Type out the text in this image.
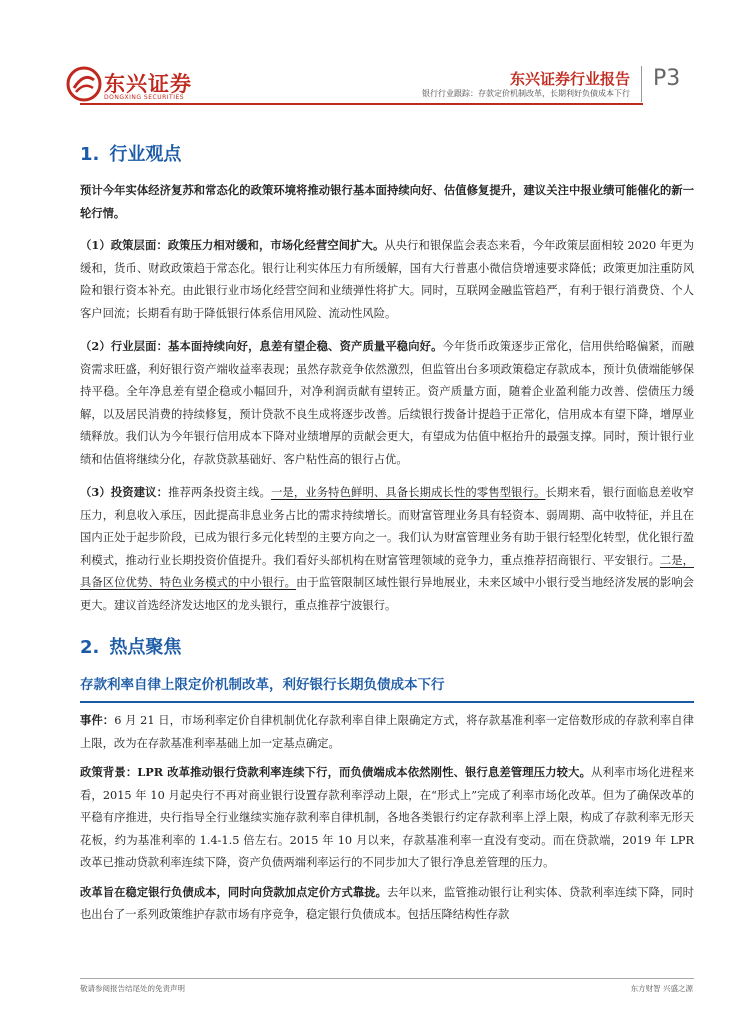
东兴证券
DONGXING SECURITIES
东兴证券行业报告
银行行业跟踪：存款定价机制改革，长期利好负债成本下行
P3
1. 行业观点

预计今年实体经济复苏和常态化的政策环境将推动银行基本面持续向好、估值修复提升，建议关注中报业绩可能催化的新一轮行情。

（1）政策层面：政策压力相对缓和，市场化经营空间扩大。从央行和银保监会表态来看，今年政策层面相较 2020 年更为缓和，货币、财政政策趋于常态化。银行让利实体压力有所缓解，国有大行普惠小微信贷增速要求降低；政策更加注重防风险和银行资本补充。由此银行业市场化经营空间和业绩弹性将扩大。同时，互联网金融监管趋严，有利于银行消费贷、个人客户回流；长期看有助于降低银行体系信用风险、流动性风险。

（2）行业层面：基本面持续向好，息差有望企稳、资产质量平稳向好。今年货币政策逐步正常化，信用供给略偏紧，而融资需求旺盛，利好银行资产端收益率表现；虽然存款竞争依然激烈，但监管出台多项政策稳定存款成本，预计负债端能够保持平稳。全年净息差有望企稳或小幅回升，对净利润贡献有望转正。资产质量方面，随着企业盈利能力改善、偿债压力缓解，以及居民消费的持续修复，预计贷款不良生成将逐步改善。后续银行拨备计提趋于正常化，信用成本有望下降，增厚业绩释放。我们认为今年银行信用成本下降对业绩增厚的贡献会更大，有望成为估值中枢抬升的最强支撑。同时，预计银行业绩和估值将继续分化，存款贷款基础好、客户粘性高的银行占优。

（3）投资建议：推荐两条投资主线。一是，业务特色鲜明、具备长期成长性的零售型银行。长期来看，银行面临息差收窄压力，利息收入承压，因此提高非息业务占比的需求持续增长。而财富管理业务具有轻资本、弱周期、高中收特征，并且在国内正处于起步阶段，已成为银行多元化转型的主要方向之一。我们认为财富管理业务有助于银行轻型化转型，优化银行盈利模式，推动行业长期投资价值提升。我们看好头部机构在财富管理领域的竞争力，重点推荐招商银行、平安银行。二是，具备区位优势、特色业务模式的中小银行。由于监管限制区域性银行异地展业，未来区域中小银行受当地经济发展的影响会更大。建议首选经济发达地区的龙头银行，重点推荐宁波银行。

2. 热点聚焦
存款利率自律上限定价机制改革，利好银行长期负债成本下行

事件：6 月 21 日，市场利率定价自律机制优化存款利率自律上限确定方式，将存款基准利率一定倍数形成的存款利率自律上限，改为在存款基准利率基础上加一定基点确定。

政策背景：LPR 改革推动银行贷款利率连续下行，而负债端成本依然刚性、银行息差管理压力较大。从利率市场化进程来看，2015 年 10 月起央行不再对商业银行设置存款利率浮动上限，在“形式上”完成了利率市场化改革。但为了确保改革的平稳有序推进，央行指导全行业继续实施存款利率自律机制，各地各类银行约定存款利率上浮上限，构成了存款利率无形天花板，约为基准利率的 1.4-1.5 倍左右。2015 年 10 月以来，存款基准利率一直没有变动。而在贷款端，2019 年 LPR 改革已推动贷款利率连续下降，资产负债两端利率运行的不同步加大了银行净息差管理的压力。

改革旨在稳定银行负债成本，同时向贷款加点定价方式靠拢。去年以来，监管推动银行让利实体、贷款利率连续下降，同时也出台了一系列政策维护存款市场有序竞争，稳定银行负债成本。包括压降结构性存款

敬请参阅报告结尾处的免责声明	东方财智 兴盛之源
